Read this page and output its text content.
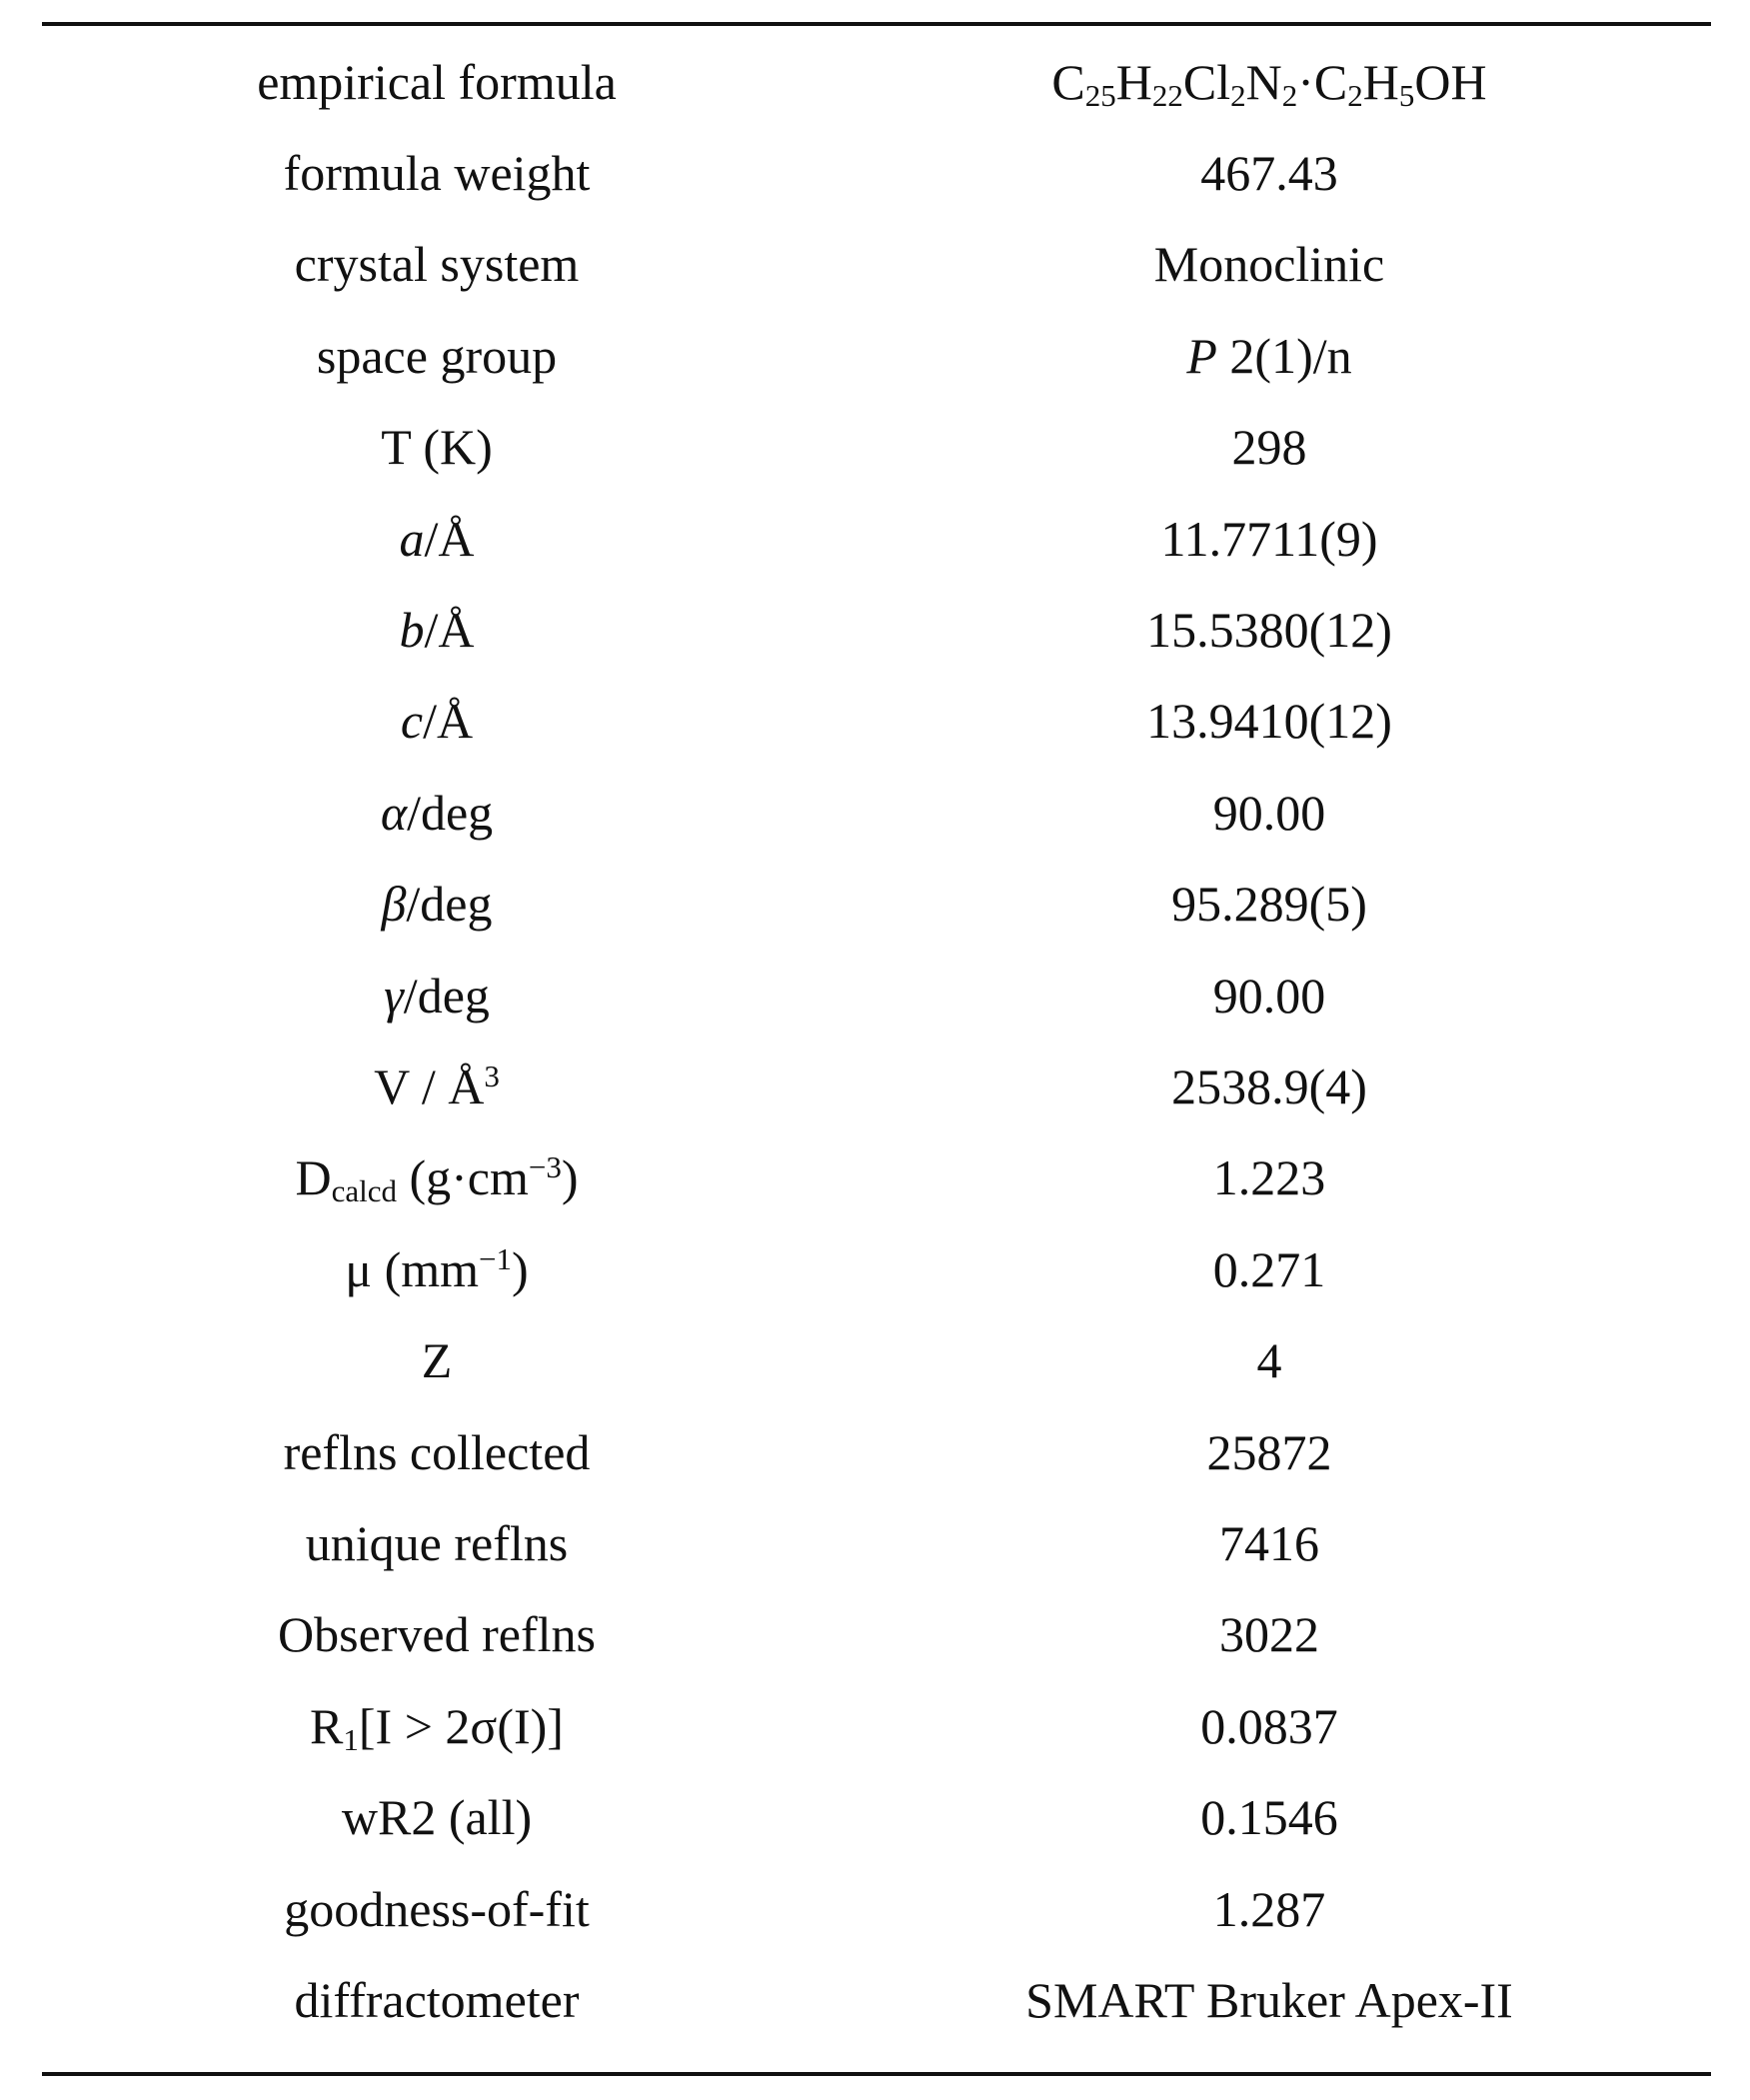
empirical formula	$C_{25}H_{22}Cl_2N_2\cdot C_2H_5OH$
formula weight	467.43
crystal system	Monoclinic
space group	P 2(1)/n
T (K)	298
a/Å	11.7711(9)
b/Å	15.5380(12)
c/Å	13.9410(12)
α/deg	90.00
β/deg	95.289(5)
γ/deg	90.00
V / $Å^3$	2538.9(4)
$D_{calcd}$ $(g\cdot cm^{-3})$	1.223
μ $(mm^{-1})$	0.271
Z	4
reflns collected	25872
unique reflns	7416
Observed reflns	3022
$R_1[I > 2\sigma(I)]$	0.0837
wR2 (all)	0.1546
goodness-of-fit	1.287
diffractometer	SMART Bruker Apex-II
